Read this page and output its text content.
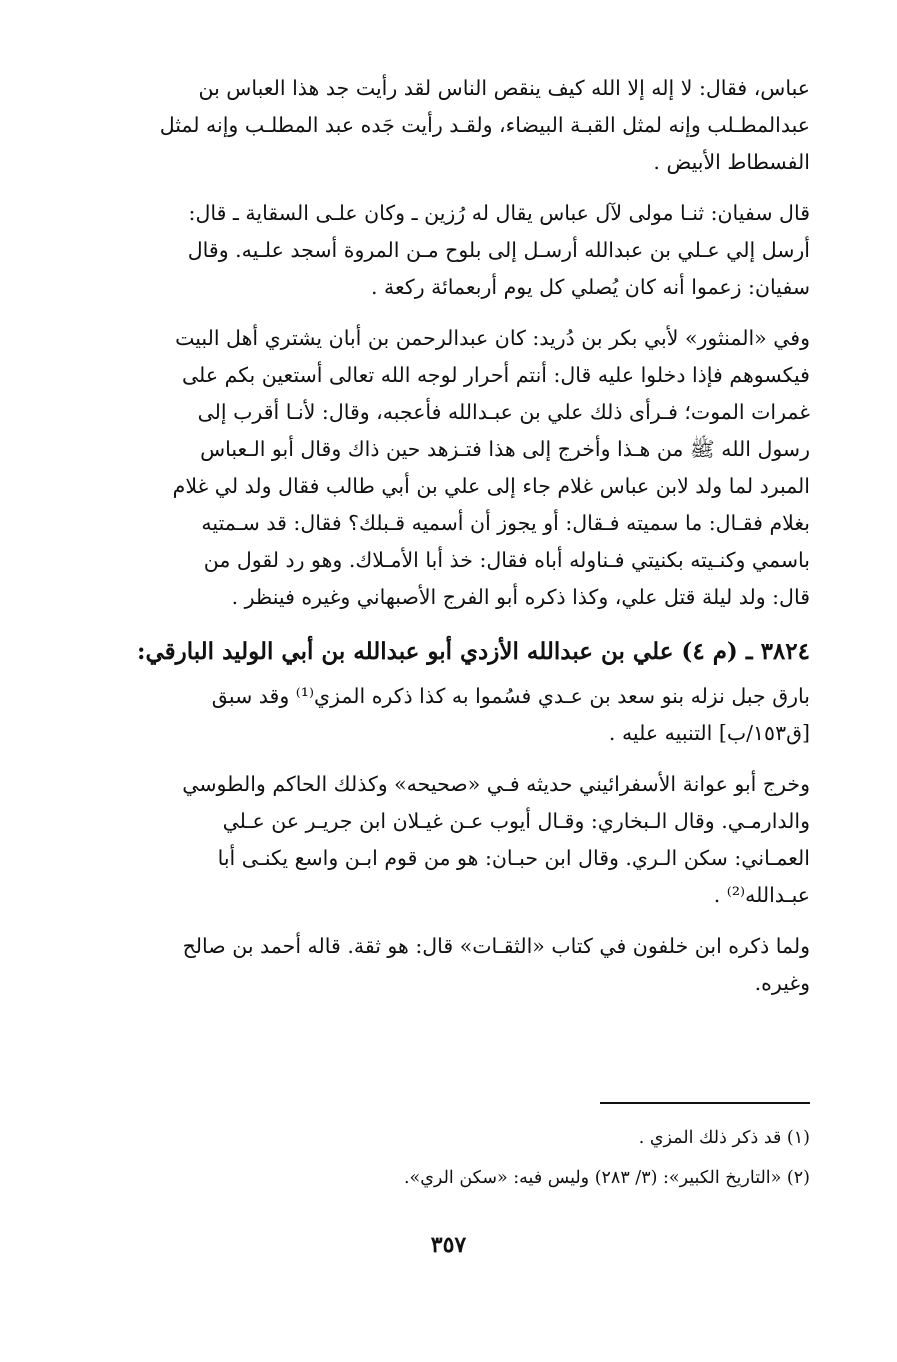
عباس، فقال: لا إله إلا الله كيف ينقص الناس لقد رأيت جد هذا العباس بن
عبدالمطـلب وإنه لمثل القبـة البيضاء، ولقـد رأيت جَده عبد المطلـب وإنه لمثل
الفسطاط الأبيض .
قال سفيان: ثنـا مولى لآل عباس يقال له رُزين ـ وكان علـى السقاية ـ قال:
أرسل إلي عـلي بن عبدالله أرسـل إلى بلوح مـن المروة أسجد علـيه. وقال
سفيان: زعموا أنه كان يُصلي كل يوم أربعمائة ركعة .
وفي «المنثور» لأبي بكر بن دُريد: كان عبدالرحمن بن أبان يشتري أهل البيت
فيكسوهم فإذا دخلوا عليه قال: أنتم أحرار لوجه الله تعالى أستعين بكم على
غمرات الموت؛ فـرأى ذلك علي بن عبـدالله فأعجبه، وقال: لأنـا أقرب إلى
رسول الله ﷺ من هـذا وأخرج إلى هذا فتـزهد حين ذاك وقال أبو الـعباس
المبرد لما ولد لابن عباس غلام جاء إلى علي بن أبي طالب فقال ولد لي غلام
بغلام فقـال: ما سميته فـقال: أو يجوز أن أسميه قـبلك؟ فقال: قد سـمتيه
باسمي وكنـيته بكنيتي فـناوله أباه فقال: خذ أبا الأمـلاك. وهو رد لقول من
قال: ولد ليلة قتل علي، وكذا ذكره أبو الفرج الأصبهاني وغيره فينظر .
٣٨٢٤ ـ (م ٤) علي بن عبدالله الأزدي أبو عبدالله بن أبي الوليد البارقي:
بارق جبل نزله بنو سعد بن عـدي فسُموا به كذا ذكره المزي⁽¹⁾ وقد سبق
[ق١٥٣/ب] التنبيه عليه .
وخرج أبو عوانة الأسفرائيني حديثه فـي «صحيحه» وكذلك الحاكم والطوسي
والدارمـي. وقال الـبخاري: وقـال أيوب عـن غيـلان ابن جريـر عن عـلي
العمـاني: سكن الـري. وقال ابن حبـان: هو من قوم ابـن واسع يكنـى أبا
عبـدالله⁽²⁾ .
ولما ذكره ابن خلفون في كتاب «الثقـات» قال: هو ثقة. قاله أحمد بن صالح
وغيره.
(١) قد ذكر ذلك المزي .
(٢) «التاريخ الكبير»: (٣/ ٢٨٣) وليس فيه: «سكن الري».
٣٥٧
